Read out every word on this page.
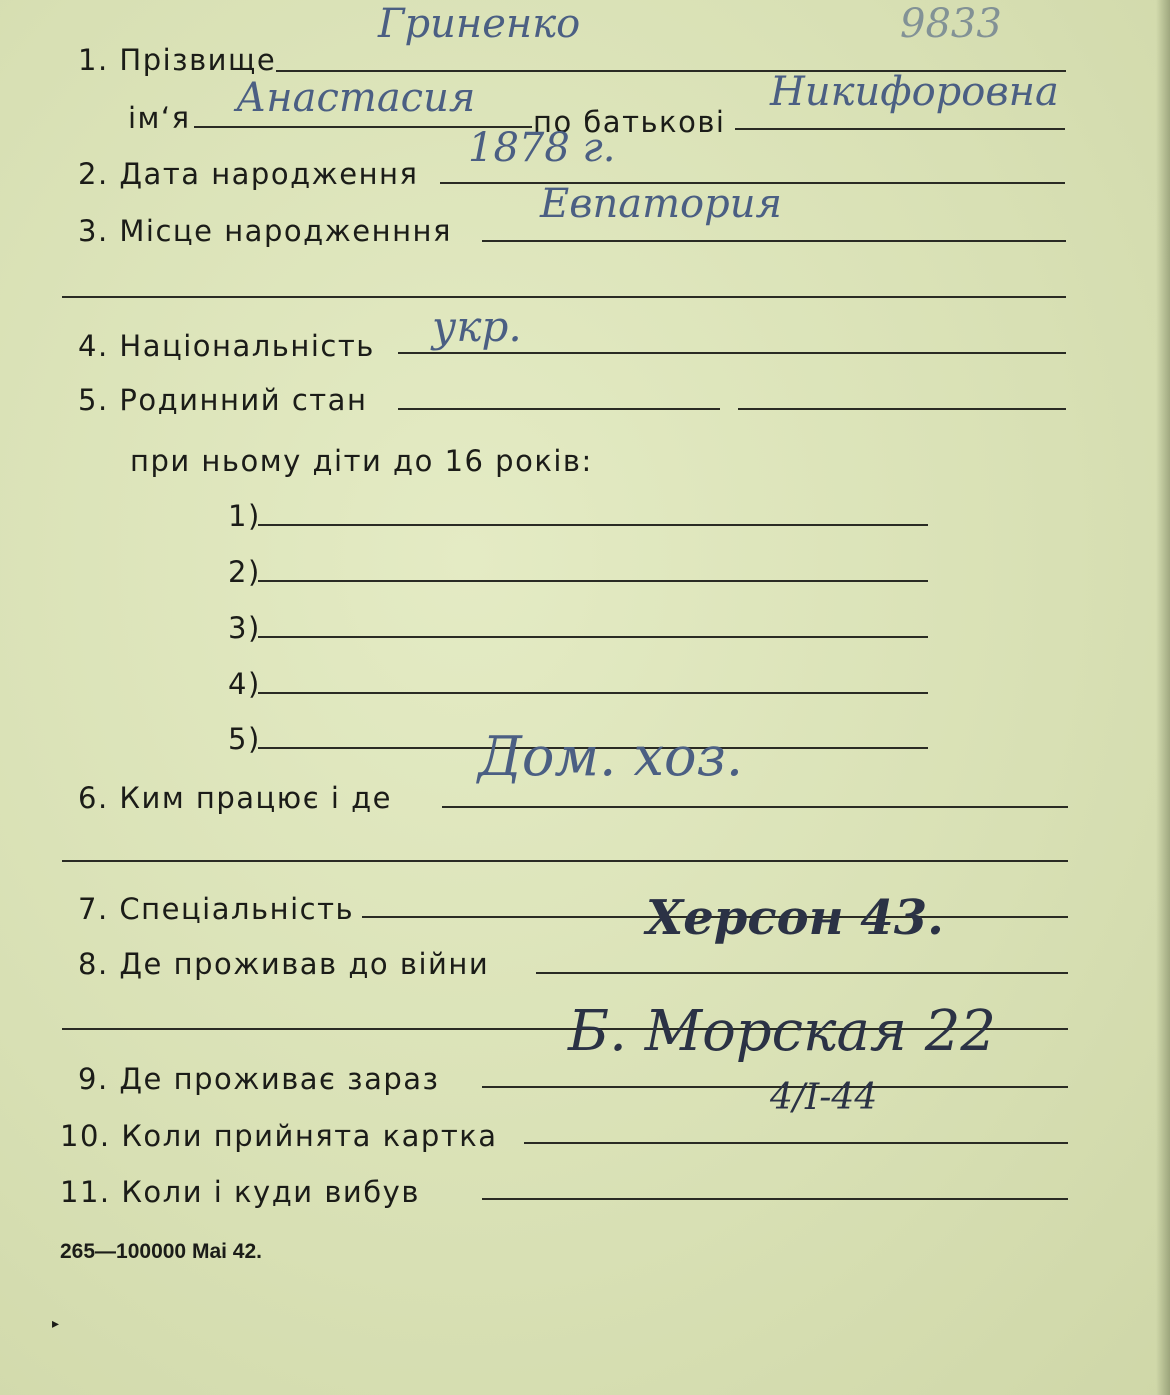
1. Прізвище
Гриненко	9833
ім‘я Анастасия
по батькові
Никифоровна
2. Дата народження
1878 г.
3. Місце народженння
Евпатория
4. Національність укр.
5. Родинний стан
при ньому діти до 16 років:
1)
2)
3)
4)
5)
6. Ким працює і де
Дом. хоз.
7. Спеціальність
8. Де проживав до війни
Херсон 43.
9. Де проживає зараз
Б. Морская 22
10. Коли прийнята картка
4/I-44
11. Коли і куди вибув
265—100000 Mai 42.
▸
